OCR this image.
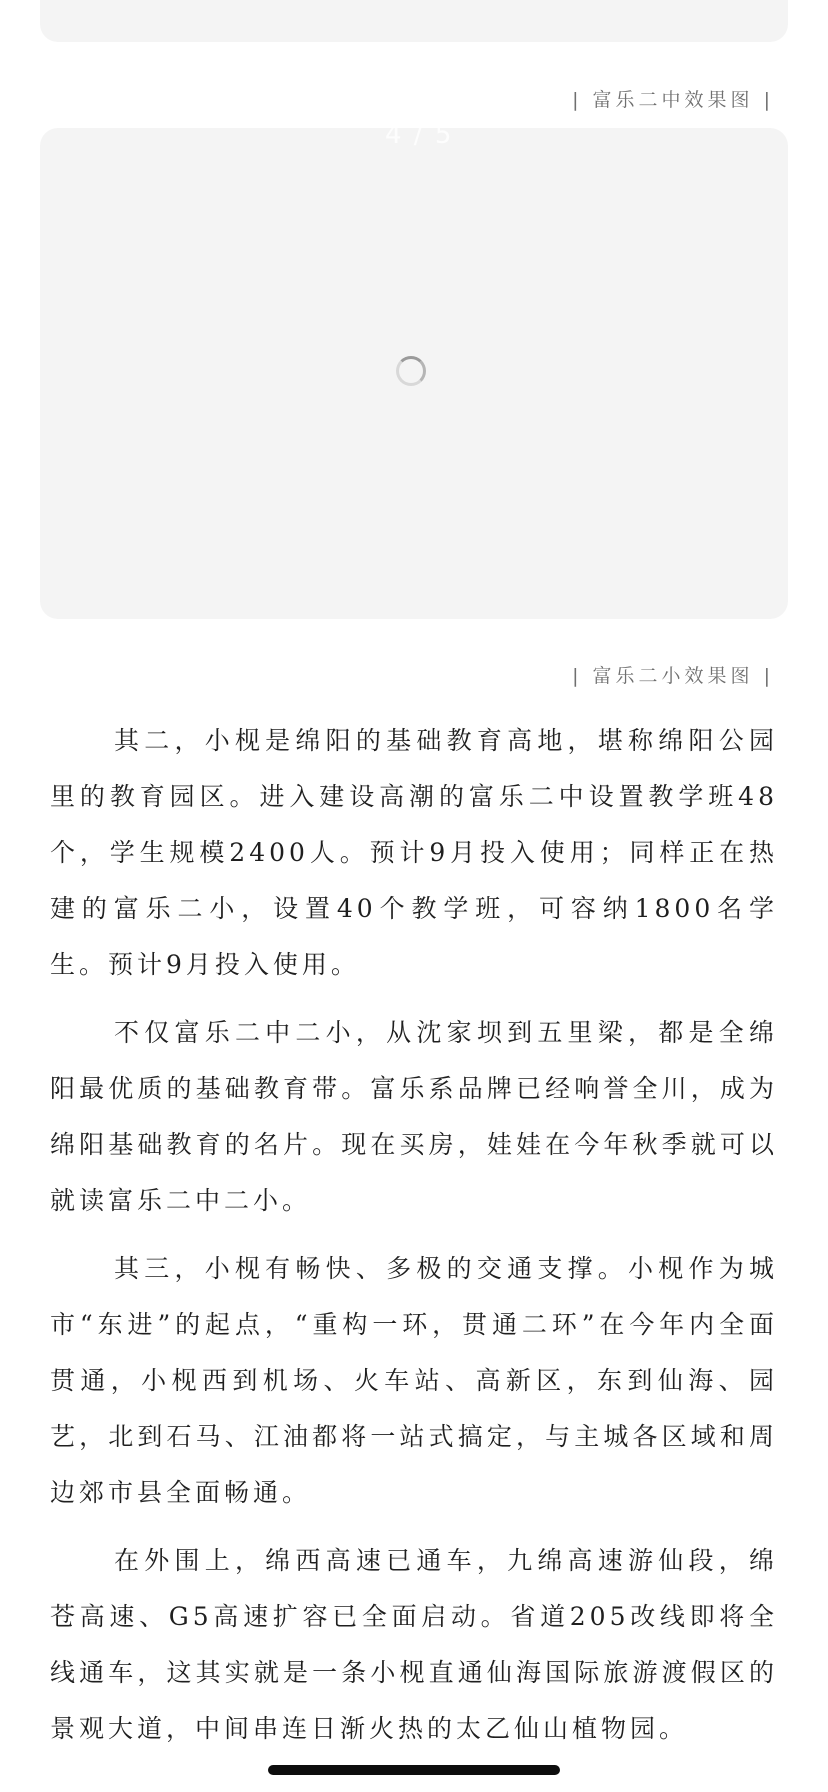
| 富乐二中效果图 |
4 / 5
| 富乐二小效果图 |

其二，小枧是绵阳的基础教育高地，堪称绵阳公园里的教育园区。进入建设高潮的富乐二中设置教学班48个，学生规模2400人。预计9月投入使用；同样正在热建的富乐二小，设置40个教学班，可容纳1800名学生。预计9月投入使用。

不仅富乐二中二小，从沈家坝到五里梁，都是全绵阳最优质的基础教育带。富乐系品牌已经响誉全川，成为绵阳基础教育的名片。现在买房，娃娃在今年秋季就可以就读富乐二中二小。

其三，小枧有畅快、多极的交通支撑。小枧作为城市“东进”的起点，“重构一环，贯通二环”在今年内全面贯通，小枧西到机场、火车站、高新区，东到仙海、园艺，北到石马、江油都将一站式搞定，与主城各区域和周边郊市县全面畅通。

在外围上，绵西高速已通车，九绵高速游仙段，绵苍高速、G5高速扩容已全面启动。省道205改线即将全线通车，这其实就是一条小枧直通仙海国际旅游渡假区的景观大道，中间串连日渐火热的太乙仙山植物园。
